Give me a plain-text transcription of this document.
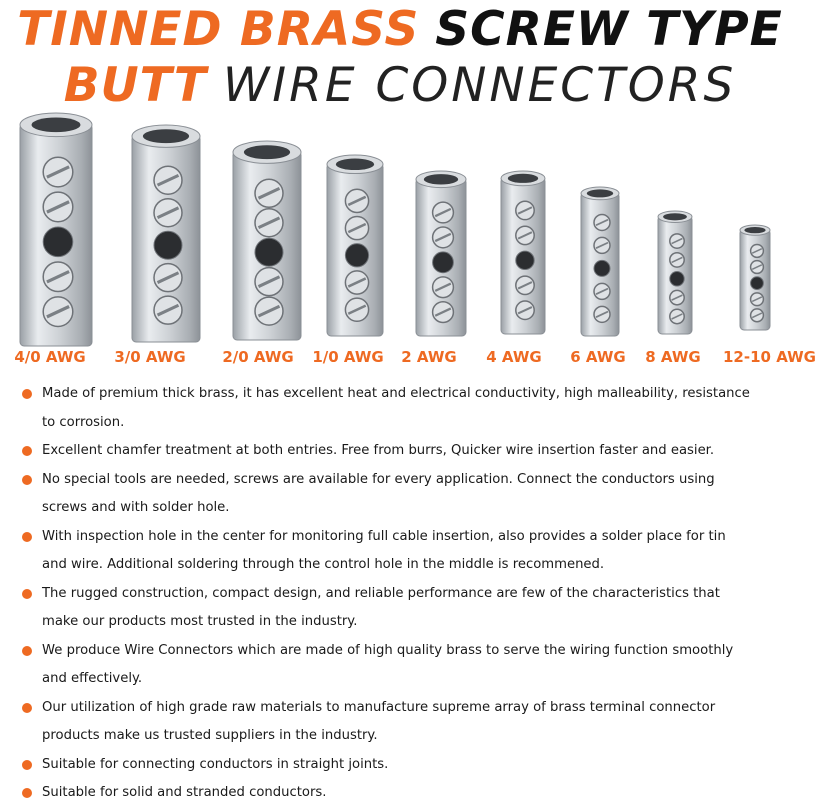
TINNED BRASS SCREW TYPE
BUTT WIRE CONNECTORS
4/0 AWG	3/0 AWG	2/0 AWG	1/0 AWG	2 AWG	4 AWG	6 AWG	8 AWG	12-10 AWG
Made of premium thick brass, it has excellent heat and electrical conductivity, high malleability, resistance
to corrosion.
Excellent chamfer treatment at both entries. Free from burrs, Quicker wire insertion faster and easier.
No special tools are needed, screws are available for every application. Connect the conductors using
screws and with solder hole.
With inspection hole in the center for monitoring full cable insertion, also provides a solder place for tin
and wire. Additional soldering through the control hole in the middle is recommened.
The rugged construction, compact design, and reliable performance are few of the characteristics that
make our products most trusted in the industry.
We produce Wire Connectors which are made of high quality brass to serve the wiring function smoothly
and effectively.
Our utilization of high grade raw materials to manufacture supreme array of brass terminal connector
products make us trusted suppliers in the industry.
Suitable for connecting conductors in straight joints.
Suitable for solid and stranded conductors.
